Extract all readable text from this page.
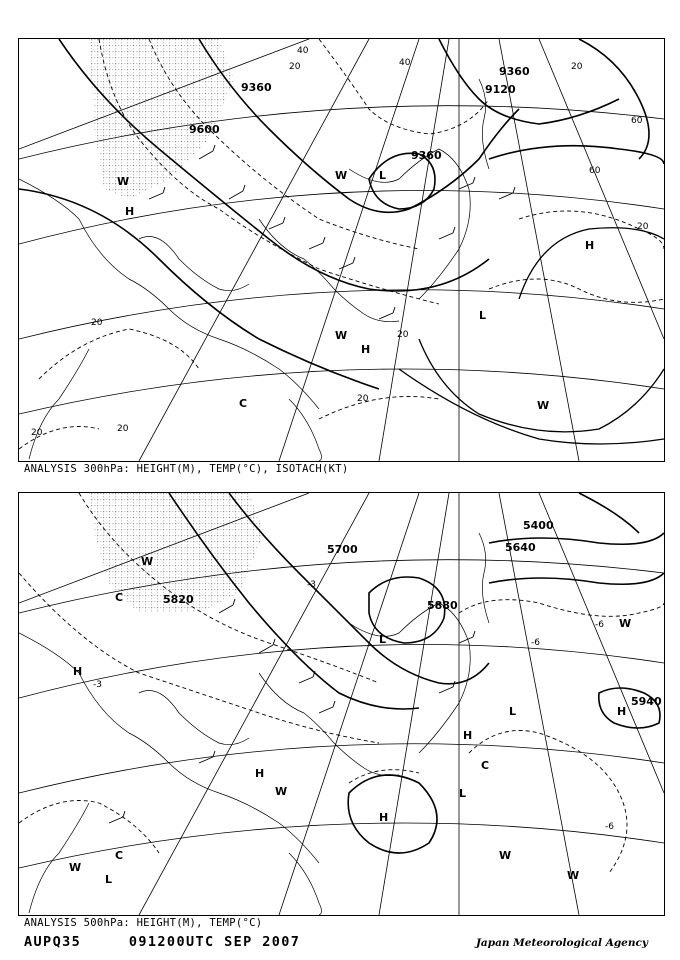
9360
9600
9360
9120
9360
20
40
60
60
20
20
20
20
20
20
20
40
L
H
H
H
L
W
W
C	W
W
ANALYSIS 300hPa: HEIGHT(M), TEMP(°C), ISOTACH(KT)
5700
5820	5880
5940
5640
5400
-3
-6
-6
-6
-3
L
H
H
H
L	H
L
L
H
C
W
C
W
W
W
W
W
C
ANALYSIS 500hPa: HEIGHT(M), TEMP(°C)
AUPQ35	091200UTC SEP 2007	Japan Meteorological Agency
